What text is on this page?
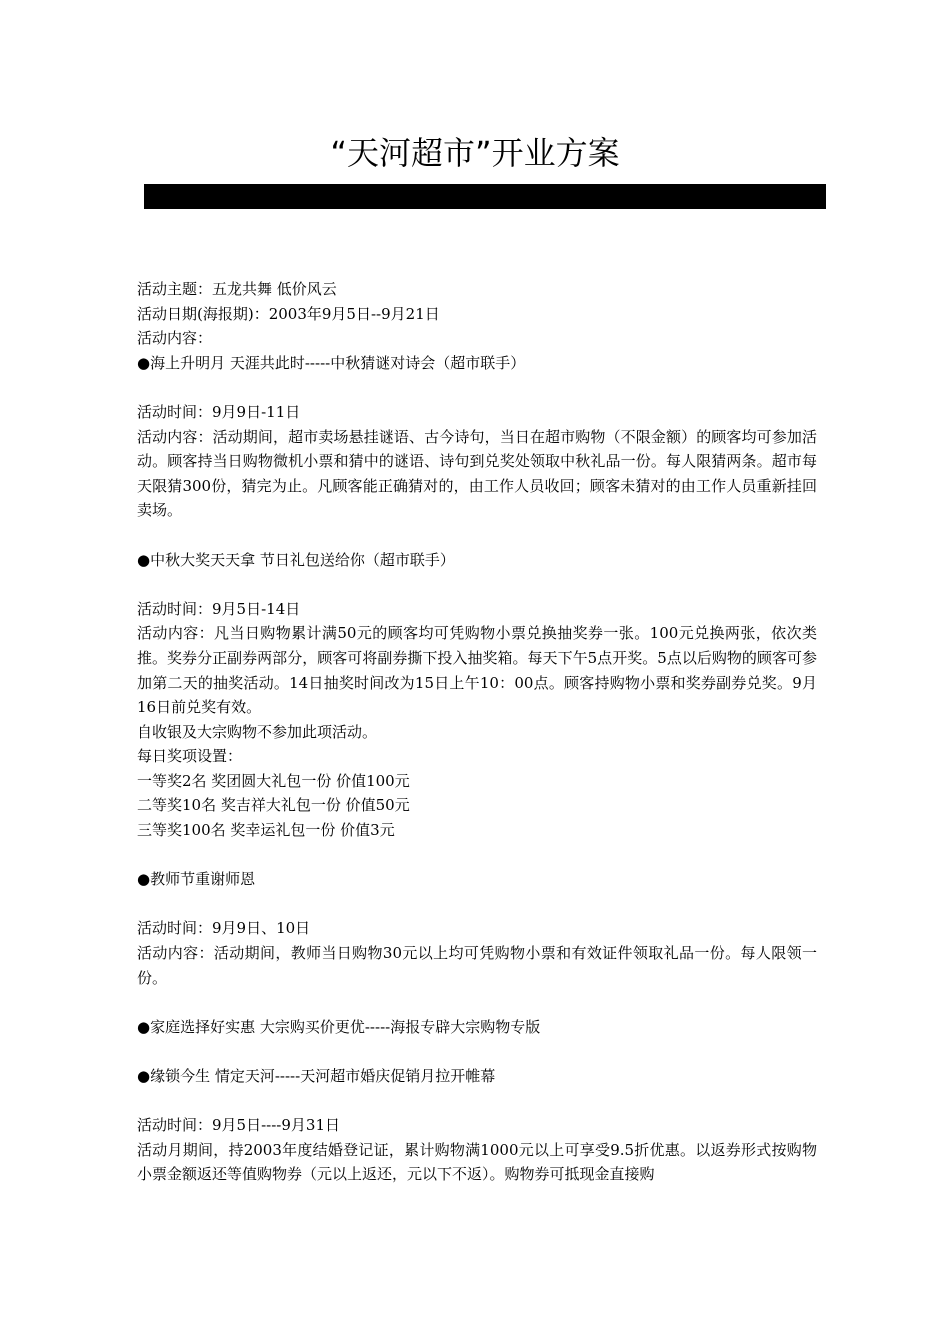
“天河超市”开业方案
活动主题：五龙共舞 低价风云
活动日期(海报期)：2003年9月5日--9月21日
活动内容：
●海上升明月 天涯共此时-----中秋猜谜对诗会（超市联手）
活动时间：9月9日-11日
活动内容：活动期间，超市卖场悬挂谜语、古今诗句，当日在超市购物（不限金额）的顾客均可参加活动。顾客持当日购物微机小票和猜中的谜语、诗句到兑奖处领取中秋礼品一份。每人限猜两条。超市每天限猜300份，猜完为止。凡顾客能正确猜对的，由工作人员收回；顾客未猜对的由工作人员重新挂回卖场。
●中秋大奖天天拿 节日礼包送给你（超市联手）
活动时间：9月5日-14日
活动内容：凡当日购物累计满50元的顾客均可凭购物小票兑换抽奖券一张。100元兑换两张，依次类推。奖券分正副券两部分，顾客可将副券撕下投入抽奖箱。每天下午5点开奖。5点以后购物的顾客可参加第二天的抽奖活动。14日抽奖时间改为15日上午10：00点。顾客持购物小票和奖券副券兑奖。9月16日前兑奖有效。
自收银及大宗购物不参加此项活动。
每日奖项设置：
一等奖2名 奖团圆大礼包一份 价值100元
二等奖10名 奖吉祥大礼包一份 价值50元
三等奖100名 奖幸运礼包一份 价值3元
●教师节重谢师恩
活动时间：9月9日、10日
活动内容：活动期间，教师当日购物30元以上均可凭购物小票和有效证件领取礼品一份。每人限领一份。
●家庭选择好实惠 大宗购买价更优-----海报专辟大宗购物专版
●缘锁今生 情定天河-----天河超市婚庆促销月拉开帷幕
活动时间：9月5日----9月31日
活动月期间，持2003年度结婚登记证，累计购物满1000元以上可享受9.5折优惠。以返券形式按购物小票金额返还等值购物券（元以上返还，元以下不返）。购物券可抵现金直接购
